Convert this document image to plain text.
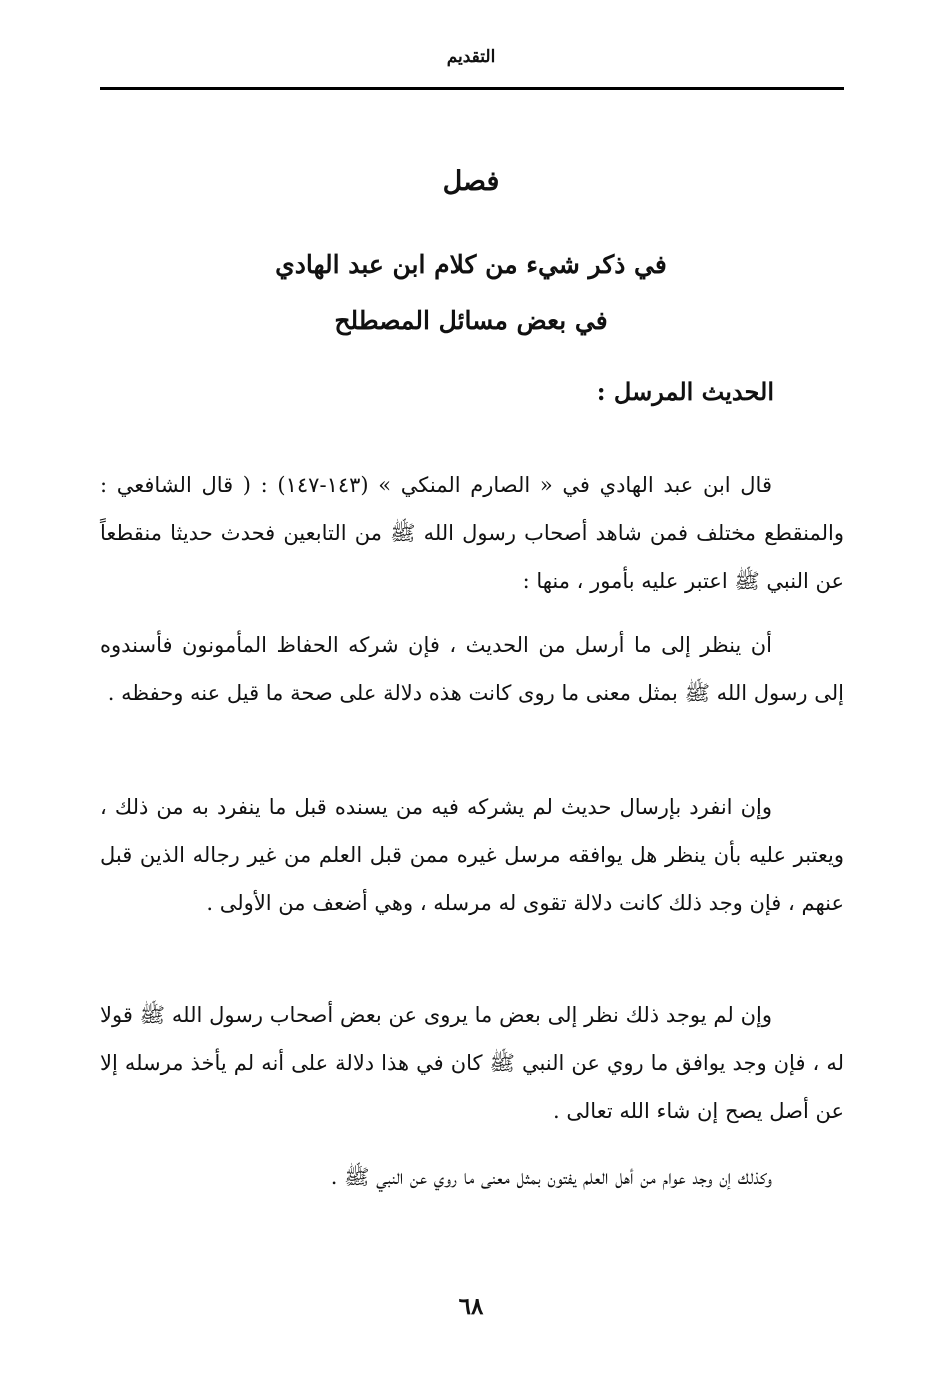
التقديم
فصل
في ذكر شيء من كلام ابن عبد الهادي
في بعض مسائل المصطلح
الحديث المرسل :

قال ابن عبد الهادي في « الصارم المنكي » (١٤٣-١٤٧) : ( قال الشافعي : والمنقطع مختلف فمن شاهد أصحاب رسول الله ﷺ من التابعين فحدث حديثا منقطعاً عن النبي ﷺ اعتبر عليه بأمور ، منها :

أن ينظر إلى ما أرسل من الحديث ، فإن شركه الحفاظ المأمونون فأسندوه إلى رسول الله ﷺ بمثل معنى ما روى كانت هذه دلالة على صحة ما قيل عنه وحفظه .

وإن انفرد بإرسال حديث لم يشركه فيه من يسنده قبل ما ينفرد به من ذلك ، ويعتبر عليه بأن ينظر هل يوافقه مرسل غيره ممن قبل العلم من غير رجاله الذين قبل عنهم ، فإن وجد ذلك كانت دلالة تقوى له مرسله ، وهي أضعف من الأولى .

وإن لم يوجد ذلك نظر إلى بعض ما يروى عن بعض أصحاب رسول الله ﷺ قولا له ، فإن وجد يوافق ما روي عن النبي ﷺ كان في هذا دلالة على أنه لم يأخذ مرسله إلا عن أصل يصح إن شاء الله تعالى .

وكذلك إن وجد عوام من أهل العلم يفتون بمثل معنى ما روي عن النبي ﷺ .

٦٨
